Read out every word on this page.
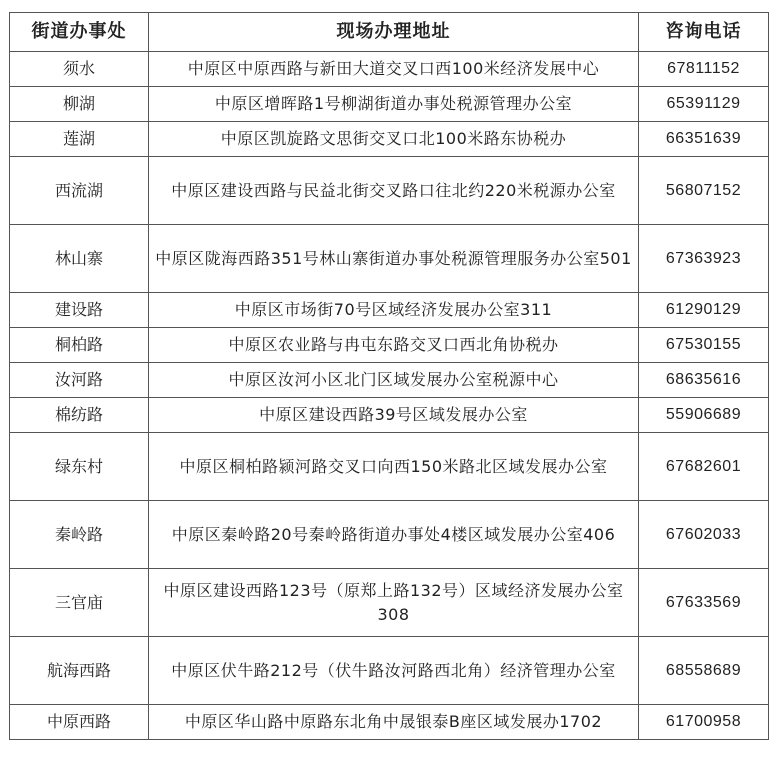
街道办事处	现场办理地址	咨询电话
须水	中原区中原西路与新田大道交叉口西100米经济发展中心	67811152
柳湖	中原区增晖路1号柳湖街道办事处税源管理办公室	65391129
莲湖	中原区凯旋路文思街交叉口北100米路东协税办	66351639
西流湖	中原区建设西路与民益北街交叉路口往北约220米税源办公室	56807152
林山寨	中原区陇海西路351号林山寨街道办事处税源管理服务办公室501	67363923
建设路	中原区市场街70号区域经济发展办公室311	61290129
桐柏路	中原区农业路与冉屯东路交叉口西北角协税办	67530155
汝河路	中原区汝河小区北门区域发展办公室税源中心	68635616
棉纺路	中原区建设西路39号区域发展办公室	55906689
绿东村	中原区桐柏路颍河路交叉口向西150米路北区域发展办公室	67682601
秦岭路	中原区秦岭路20号秦岭路街道办事处4楼区域发展办公室406	67602033
三官庙	中原区建设西路123号（原郑上路132号）区域经济发展办公室308	67633569
航海西路	中原区伏牛路212号（伏牛路汝河路西北角）经济管理办公室	68558689
中原西路	中原区华山路中原路东北角中晟银泰B座区域发展办1702	61700958
